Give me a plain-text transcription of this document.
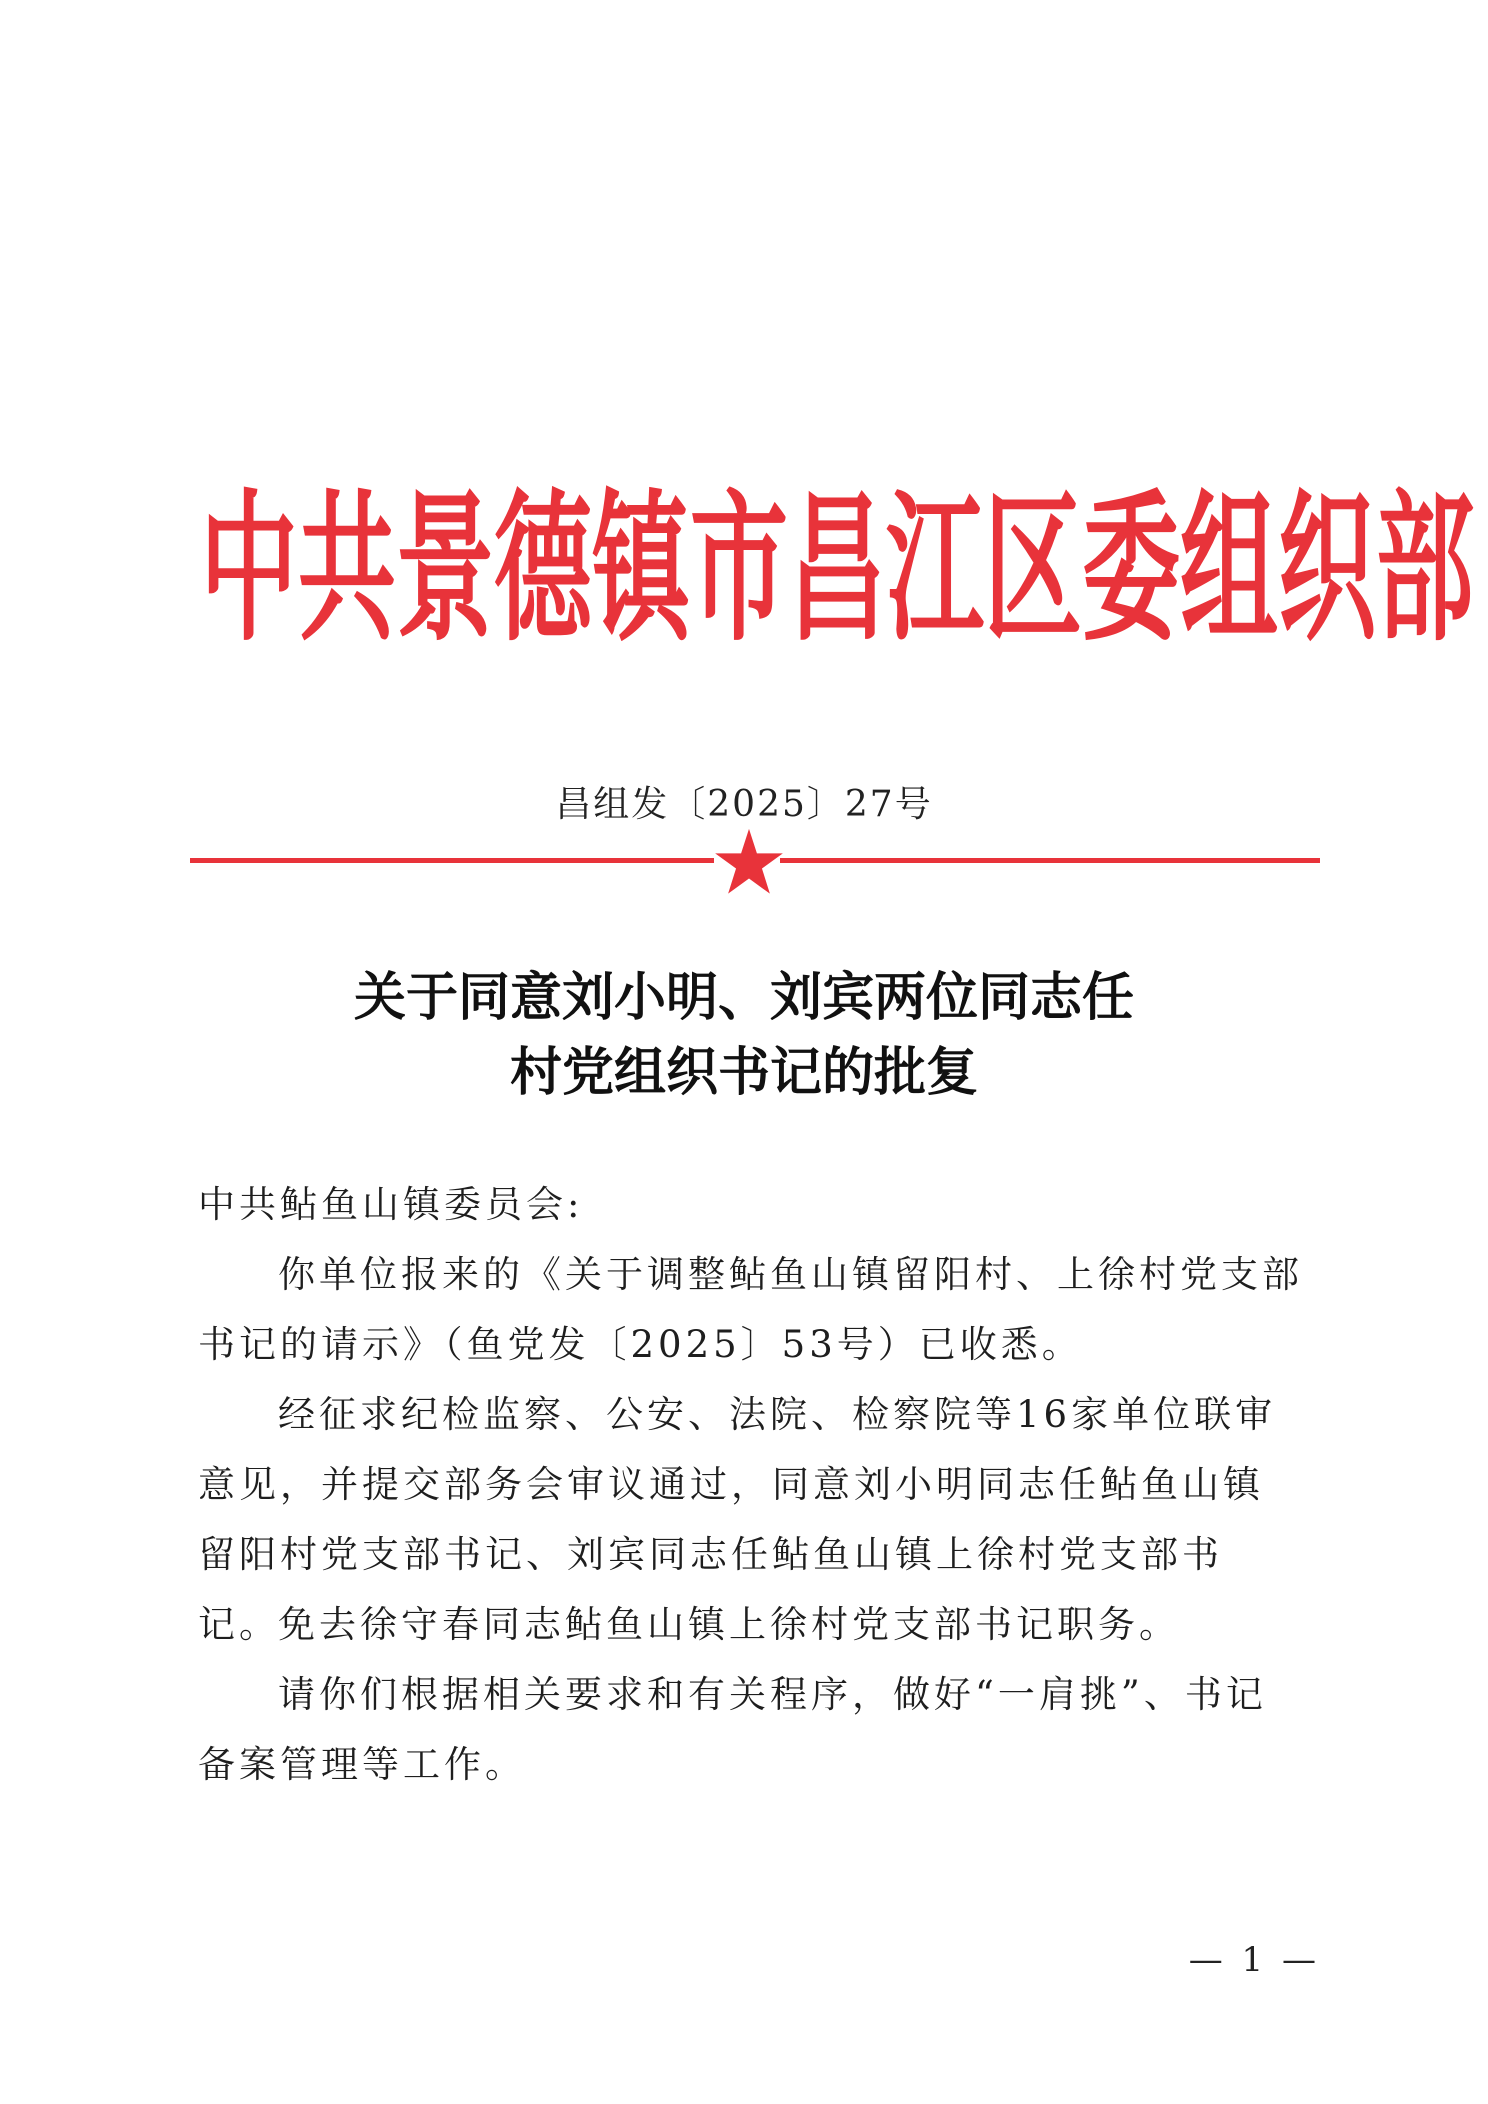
中共景德镇市昌江区委组织部
昌组发〔2025〕27号
关于同意刘小明、刘宾两位同志任
村党组织书记的批复
中共鲇鱼山镇委员会:

你单位报来的《关于调整鲇鱼山镇留阳村、上徐村党支部书记的请示》（鱼党发〔2025〕53号）已收悉。

经征求纪检监察、公安、法院、检察院等16家单位联审意见，并提交部务会审议通过，同意刘小明同志任鲇鱼山镇留阳村党支部书记、刘宾同志任鲇鱼山镇上徐村党支部书记。

免去徐守春同志鲇鱼山镇上徐村党支部书记职务。

请你们根据相关要求和有关程序，做好“一肩挑”、书记备案管理等工作。

— 1 —
